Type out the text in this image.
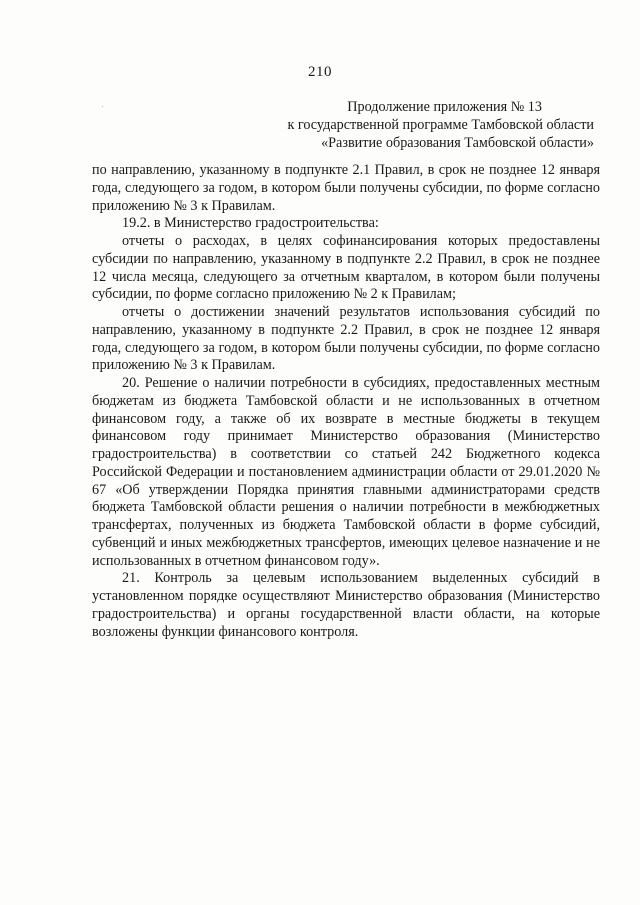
210
Продолжение приложения № 13
к государственной программе Тамбовской области
«Развитие образования Тамбовской области»

по направлению, указанному в подпункте 2.1 Правил, в срок не позднее 12 января года, следующего за годом, в котором были получены субсидии, по форме согласно приложению № 3 к Правилам.

19.2. в Министерство градостроительства:

отчеты о расходах, в целях софинансирования которых предоставлены субсидии по направлению, указанному в подпункте 2.2 Правил, в срок не позднее 12 числа месяца, следующего за отчетным кварталом, в котором были получены субсидии, по форме согласно приложению № 2 к Правилам;

отчеты о достижении значений результатов использования субсидий по направлению, указанному в подпункте 2.2 Правил, в срок не позднее 12 января года, следующего за годом, в котором были получены субсидии, по форме согласно приложению № 3 к Правилам.

20. Решение о наличии потребности в субсидиях, предоставленных местным бюджетам из бюджета Тамбовской области и не использованных в отчетном финансовом году, а также об их возврате в местные бюджеты в текущем финансовом году принимает Министерство образования (Министерство градостроительства) в соответствии со статьей 242 Бюджетного кодекса Российской Федерации и постановлением администрации области от 29.01.2020 № 67 «Об утверждении Порядка принятия главными администраторами средств бюджета Тамбовской области решения о наличии потребности в межбюджетных трансфертах, полученных из бюджета Тамбовской области в форме субсидий, субвенций и иных межбюджетных трансфертов, имеющих целевое назначение и не использованных в отчетном финансовом году».

21. Контроль за целевым использованием выделенных субсидий в установленном порядке осуществляют Министерство образования (Министерство градостроительства) и органы государственной власти области, на которые возложены функции финансового контроля.
